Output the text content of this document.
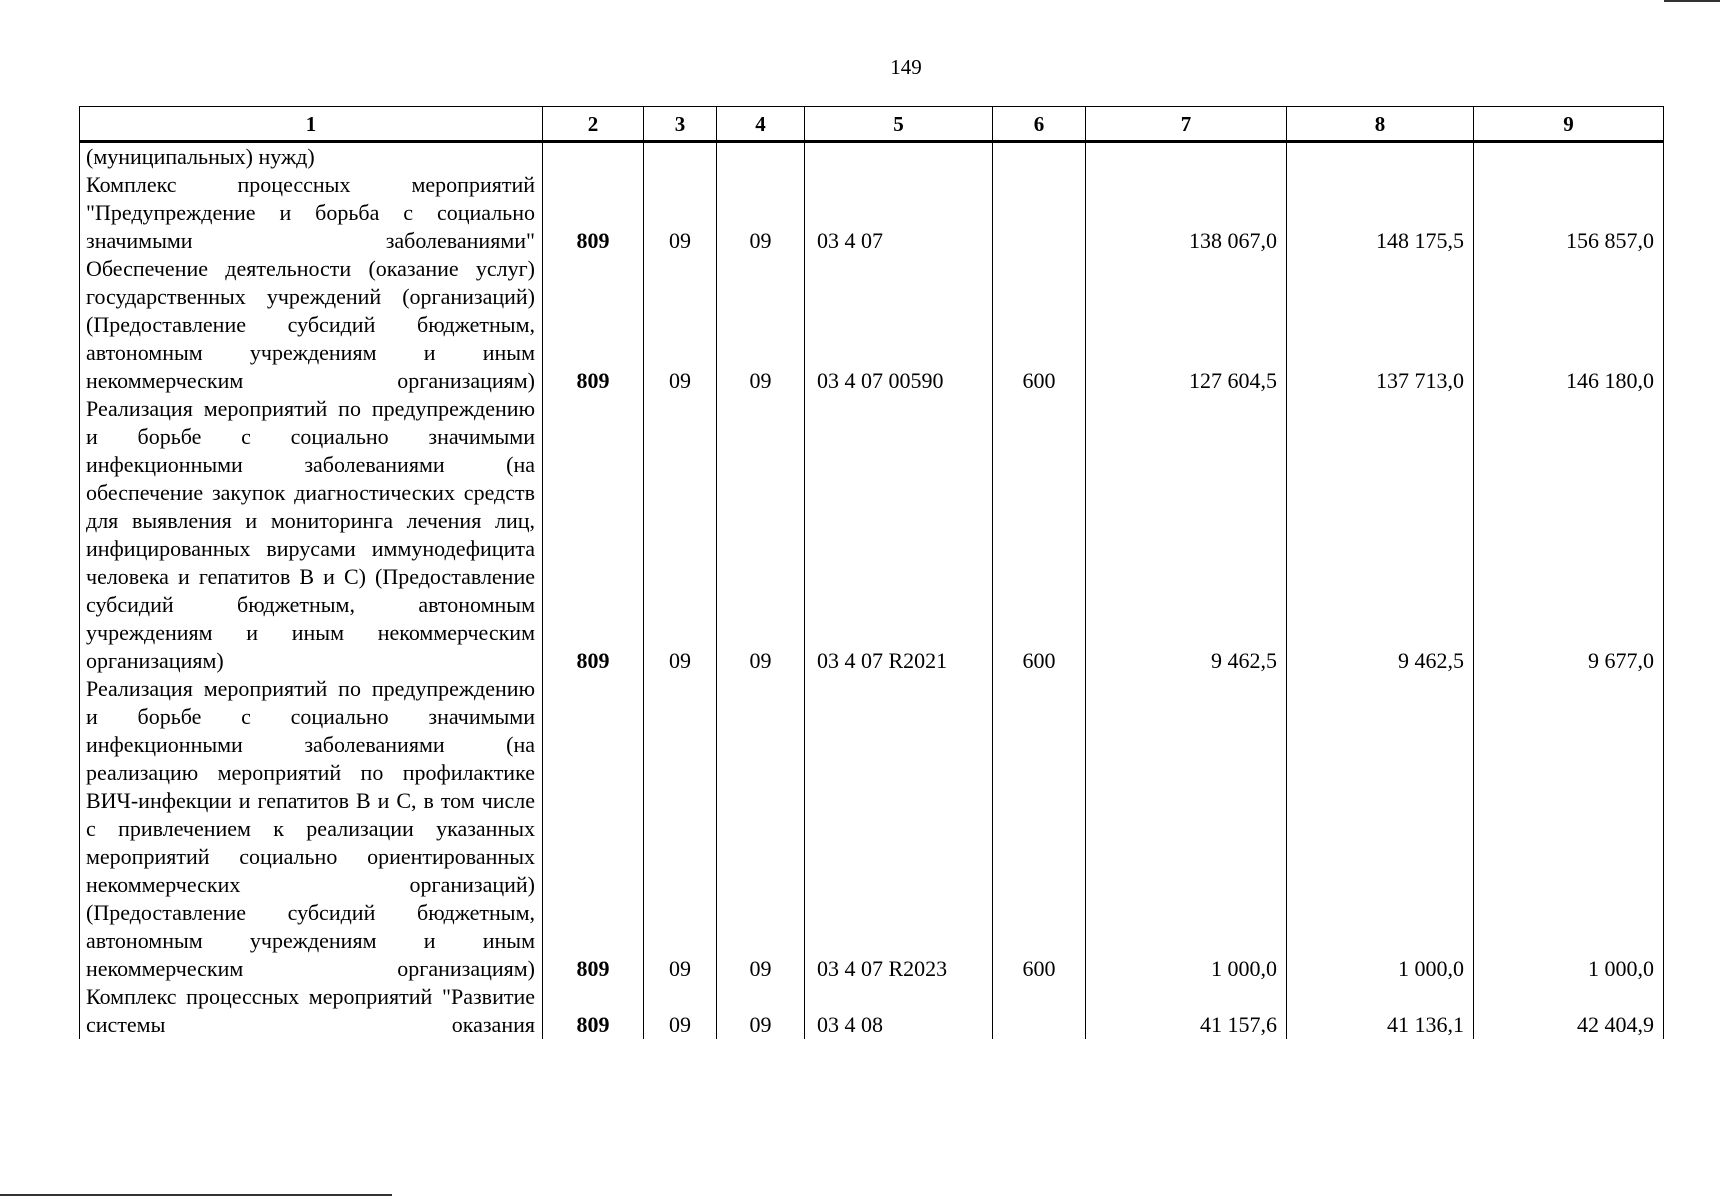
149
1	2	3	4	5	6	7	8	9
(муниципальных) нужд)								
Комплекс процессных мероприятий "Предупреждение и борьба с социально значимыми заболеваниями"	809	09	09	03 4 07		138 067,0	148 175,5	156 857,0
Обеспечение деятельности (оказание услуг) государственных учреждений (организаций) (Предоставление субсидий бюджетным, автономным учреждениям и иным некоммерческим организациям)	809	09	09	03 4 07 00590	600	127 604,5	137 713,0	146 180,0
Реализация мероприятий по предупреждению и борьбе с социально значимыми инфекционными заболеваниями (на обеспечение закупок диагностических средств для выявления и мониторинга лечения лиц, инфицированных вирусами иммунодефицита человека и гепатитов В и С) (Предоставление субсидий бюджетным, автономным учреждениям и иным некоммерческим организациям)	809	09	09	03 4 07 R2021	600	9 462,5	9 462,5	9 677,0
Реализация мероприятий по предупреждению и борьбе с социально значимыми инфекционными заболеваниями (на реализацию мероприятий по профилактике ВИЧ-инфекции и гепатитов В и С, в том числе с привлечением к реализации указанных мероприятий социально ориентированных некоммерческих организаций) (Предоставление субсидий бюджетным, автономным учреждениям и иным некоммерческим организациям)	809	09	09	03 4 07 R2023	600	1 000,0	1 000,0	1 000,0
Комплекс процессных мероприятий "Развитие системы оказания	809	09	09	03 4 08		41 157,6	41 136,1	42 404,9
